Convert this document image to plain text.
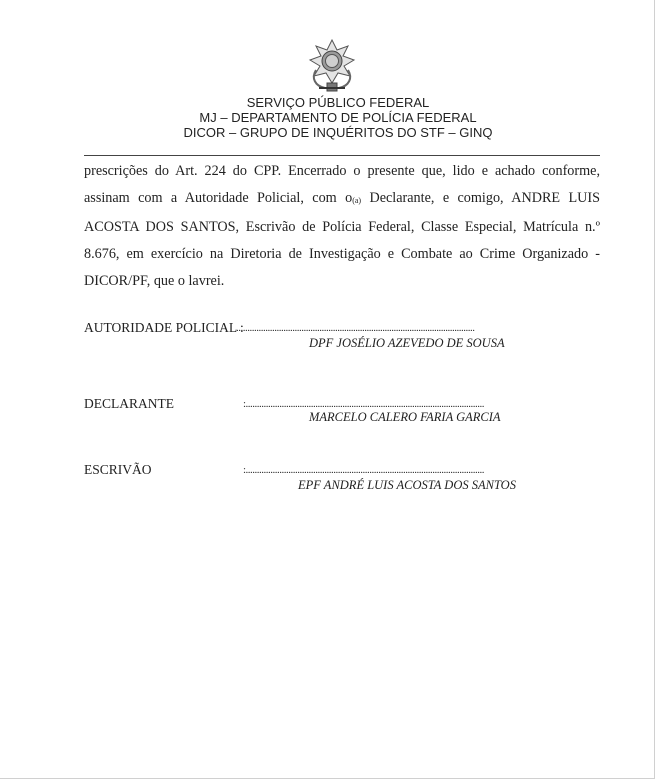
SERVIÇO PÚBLICO FEDERAL
MJ – DEPARTAMENTO DE POLÍCIA FEDERAL
DICOR – GRUPO DE INQUÉRITOS DO STF – GINQ
prescrições do Art. 224 do CPP. Encerrado o presente que, lido e achado conforme, assinam com a Autoridade Policial, com o(a) Declarante, e comigo, ANDRE LUIS ACOSTA DOS SANTOS, Escrivão de Polícia Federal, Classe Especial, Matrícula n.º 8.676, em exercício na Diretoria de Investigação e Combate ao Crime Organizado - DICOR/PF, que o lavrei.
AUTORIDADE POLICIAL :
..........................................................................................................
DPF JOSÉLIO AZEVEDO DE SOUSA
DECLARANTE	:..........................................................................................................
MARCELO CALERO FARIA GARCIA
ESCRIVÃO	:..........................................................................................................
EPF ANDRÉ LUIS ACOSTA DOS SANTOS
